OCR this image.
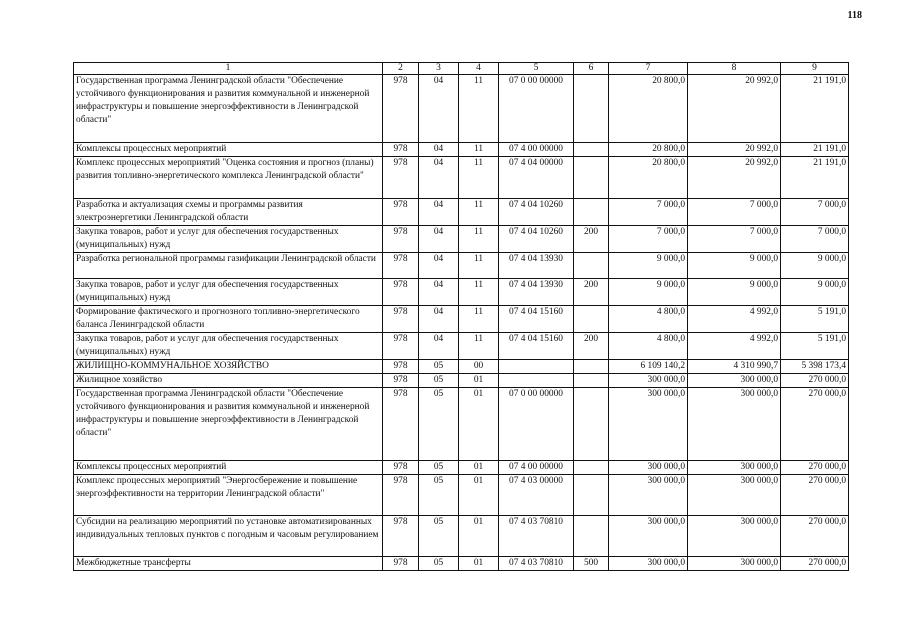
118
1	2	3	4	5	6	7	8	9
Государственная программа Ленинградской области "Обеспечение устойчивого функционирования и развития коммунальной и инженерной инфраструктуры и повышение энергоэффективности в Ленинградской области"	978	04	11	07 0 00 00000		20 800,0	20 992,0	21 191,0
Комплексы процессных мероприятий	978	04	11	07 4 00 00000		20 800,0	20 992,0	21 191,0
Комплекс процессных мероприятий "Оценка состояния и прогноз (планы) развития топливно-энергетического комплекса Ленинградской области"	978	04	11	07 4 04 00000		20 800,0	20 992,0	21 191,0
Разработка и актуализация схемы и программы развития электроэнергетики Ленинградской области	978	04	11	07 4 04 10260		7 000,0	7 000,0	7 000,0
Закупка товаров, работ и услуг для обеспечения государственных (муниципальных) нужд	978	04	11	07 4 04 10260	200	7 000,0	7 000,0	7 000,0
Разработка региональной программы газификации Ленинградской области	978	04	11	07 4 04 13930		9 000,0	9 000,0	9 000,0
Закупка товаров, работ и услуг для обеспечения государственных (муниципальных) нужд	978	04	11	07 4 04 13930	200	9 000,0	9 000,0	9 000,0
Формирование фактического и прогнозного топливно-энергетического баланса Ленинградской области	978	04	11	07 4 04 15160		4 800,0	4 992,0	5 191,0
Закупка товаров, работ и услуг для обеспечения государственных (муниципальных) нужд	978	04	11	07 4 04 15160	200	4 800,0	4 992,0	5 191,0
ЖИЛИЩНО-КОММУНАЛЬНОЕ ХОЗЯЙСТВО	978	05	00			6 109 140,2	4 310 990,7	5 398 173,4
Жилищное хозяйство	978	05	01			300 000,0	300 000,0	270 000,0
Государственная программа Ленинградской области "Обеспечение устойчивого функционирования и развития коммунальной и инженерной инфраструктуры и повышение энергоэффективности в Ленинградской области"	978	05	01	07 0 00 00000		300 000,0	300 000,0	270 000,0
Комплексы процессных мероприятий	978	05	01	07 4 00 00000		300 000,0	300 000,0	270 000,0
Комплекс процессных мероприятий "Энергосбережение и повышение энергоэффективности на территории Ленинградской области"	978	05	01	07 4 03 00000		300 000,0	300 000,0	270 000,0
Субсидии на реализацию мероприятий по установке автоматизированных индивидуальных тепловых пунктов с погодным и часовым регулированием	978	05	01	07 4 03 70810		300 000,0	300 000,0	270 000,0
Межбюджетные трансферты	978	05	01	07 4 03 70810	500	300 000,0	300 000,0	270 000,0
